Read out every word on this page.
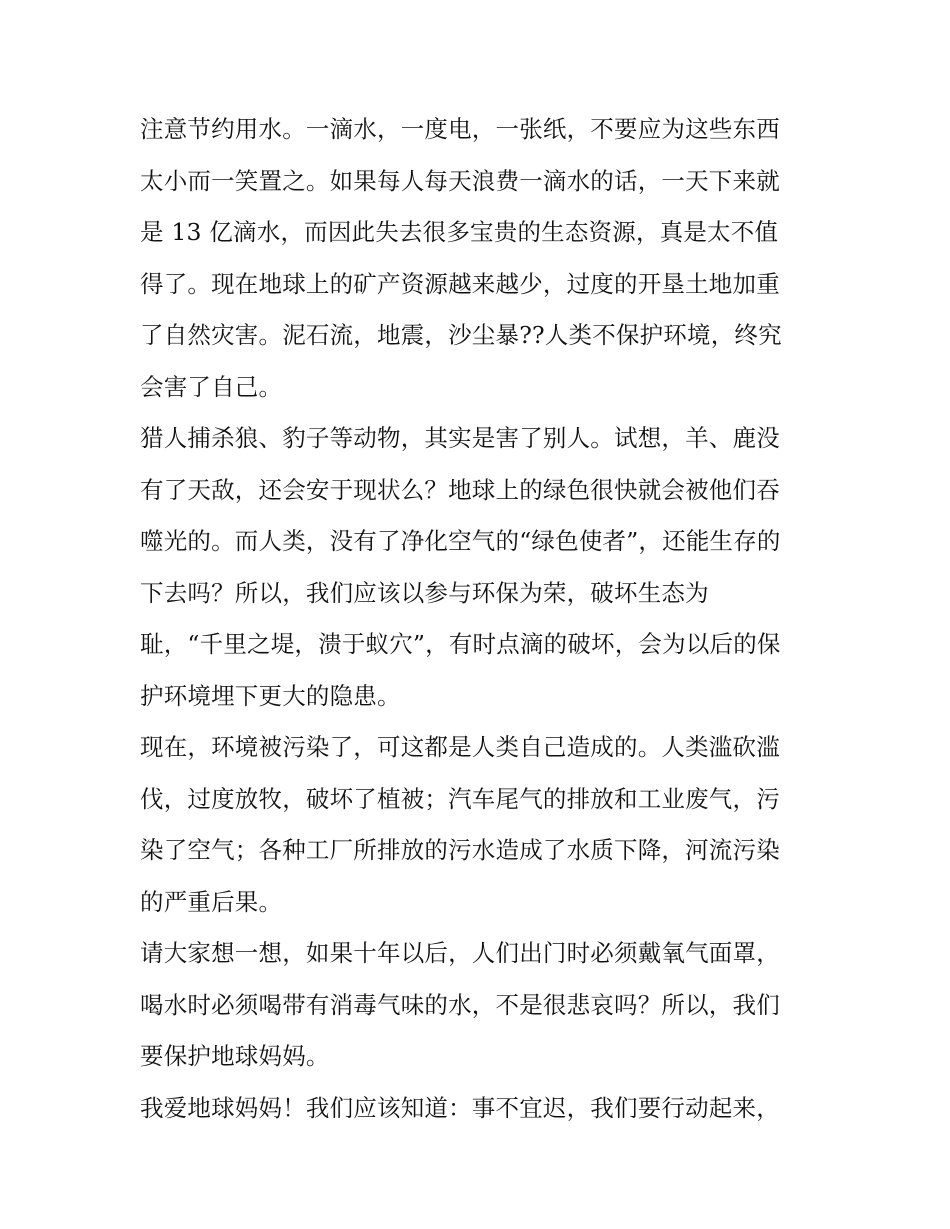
注意节约用水。一滴水，一度电，一张纸，不要应为这些东西
太小而一笑置之。如果每人每天浪费一滴水的话，一天下来就
是 13 亿滴水，而因此失去很多宝贵的生态资源，真是太不值
得了。现在地球上的矿产资源越来越少，过度的开垦土地加重
了自然灾害。泥石流，地震，沙尘暴??人类不保护环境，终究
会害了自己。
猎人捕杀狼、豹子等动物，其实是害了别人。试想，羊、鹿没
有了天敌，还会安于现状么？地球上的绿色很快就会被他们吞
噬光的。而人类，没有了净化空气的“绿色使者”，还能生存的
下去吗？所以，我们应该以参与环保为荣，破坏生态为
耻，“千里之堤，溃于蚁穴”，有时点滴的破坏，会为以后的保
护环境埋下更大的隐患。
现在，环境被污染了，可这都是人类自己造成的。人类滥砍滥
伐，过度放牧，破坏了植被；汽车尾气的排放和工业废气，污
染了空气；各种工厂所排放的污水造成了水质下降，河流污染
的严重后果。
请大家想一想，如果十年以后，人们出门时必须戴氧气面罩，
喝水时必须喝带有消毒气味的水，不是很悲哀吗？所以，我们
要保护地球妈妈。
我爱地球妈妈！我们应该知道：事不宜迟，我们要行动起来，
